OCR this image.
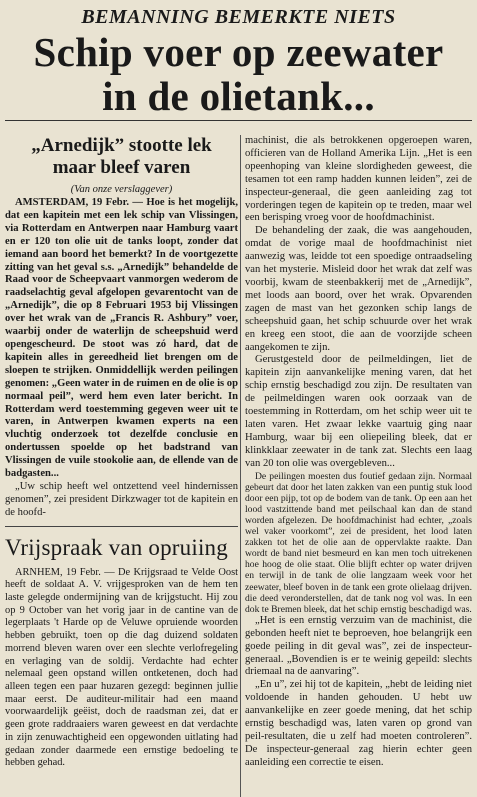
BEMANNING BEMERKTE NIETS
Schip voer op zeewater
in de olietank...
„Arnedijk” stootte lek
maar bleef varen
(Van onze verslaggever)

AMSTERDAM, 19 Febr. — Hoe is het mogelijk, dat een kapitein met een lek schip van Vlissingen, via Rotterdam en Antwerpen naar Hamburg vaart en er 120 ton olie uit de tanks loopt, zonder dat iemand aan boord het bemerkt? In de voortgezette zitting van het geval s.s. „Arnedijk” behandelde de Raad voor de Scheepvaart vanmorgen wederom de raadselachtig geval afgelopen gevarentocht van de „Arnedijk”, die op 8 Februari 1953 bij Vlissingen over het wrak van de „Francis R. Ashbury” voer, waarbij onder de waterlijn de scheepshuid werd opengescheurd. De stoot was zó hard, dat de kapitein alles in gereedheid liet brengen om de sloepen te strijken. Onmiddellijk werden peilingen genomen: „Geen water in de ruimen en de olie is op normaal peil”, werd hem even later bericht. In Rotterdam werd toestemming gegeven weer uit te varen, in Antwerpen kwamen experts na een vluchtig onderzoek tot dezelfde conclusie en ondertussen spoelde op het badstrand van Vlissingen de vuile stookolie aan, de ellende van de badgasten...

„Uw schip heeft wel ontzettend veel hindernissen genomen”, zei president Dirkzwager tot de kapitein en de hoofd-

Vrijspraak van opruiing

ARNHEM, 19 Febr. — De Krijgsraad te Velde Oost heeft de soldaat A. V. vrijgesproken van de hem ten laste gelegde ondermijning van de krijgstucht. Hij zou op 9 October van het vorig jaar in de cantine van de legerplaats 't Harde op de Veluwe opruiende woorden hebben gebruikt, toen op die dag duizend soldaten morrend bleven waren over een slechte verlofregeling en verlaging van de soldij. Verdachte had echter nelemaal geen opstand willen ontketenen, doch had alleen tegen een paar huzaren gezegd: beginnen jullie maar eerst. De auditeur-militair had een maand voorwaardelijk geëist, doch de raadsman zei, dat er geen grote raddraaiers waren geweest en dat verdachte in zijn zenuwachtigheid een opgewonden uitlating had gedaan zonder daarmede een ernstige bedoeling te hebben gehad.

machinist, die als betrokkenen opgeroepen waren, officieren van de Holland Amerika Lijn. „Het is een opeenhoping van kleine slordigheden geweest, die tesamen tot een ramp hadden kunnen leiden”, zei de inspecteur-generaal, die geen aanleiding zag tot vorderingen tegen de kapitein op te treden, maar wel een berisping vroeg voor de hoofdmachinist.

De behandeling der zaak, die was aangehouden, omdat de vorige maal de hoofdmachinist niet aanwezig was, leidde tot een spoedige ontraadseling van het mysterie. Misleid door het wrak dat zelf was voorbij, kwam de steenbakkerij met de „Arnedijk”, met loods aan boord, over het wrak. Opvarenden zagen de mast van het gezonken schip langs de scheepshuid gaan, het schip schuurde over het wrak en kreeg een stoot, die aan de voorzijde scheen aangekomen te zijn.

Gerustgesteld door de peilmeldingen, liet de kapitein zijn aanvankelijke mening varen, dat het schip ernstig beschadigd zou zijn. De resultaten van de peilmeldingen waren ook oorzaak van de toestemming in Rotterdam, om het schip weer uit te laten varen. Het zwaar lekke vaartuig ging naar Hamburg, waar bij een oliepeiling bleek, dat er klinkklaar zeewater in de tank zat. Slechts een laag van 20 ton olie was overgebleven...

De peilingen moesten dus foutief gedaan zijn. Normaal gebeurt dat door het laten zakken van een puntig stuk lood door een pijp, tot op de bodem van de tank. Op een aan het lood vastzittende band met peilschaal kan dan de stand worden afgelezen. De hoofdmachinist had echter, „zoals wel vaker voorkomt”, zei de president, het lood laten zakken tot het de olie aan de oppervlakte raakte. Dan wordt de band niet besmeurd en kan men toch uitrekenen hoe hoog de olie staat. Olie blijft echter op water drijven en terwijl in de tank de olie langzaam week voor het zeewater, bleef boven in de tank een grote olielaag drijven. die deed veronderstellen, dat de tank nog vol was. In een dok te Bremen bleek, dat het schip ernstig beschadigd was.

„Het is een ernstig verzuim van de machinist, die gebonden heeft niet te beproeven, hoe belangrijk een goede peiling in dit geval was”, zei de inspecteur-generaal. „Bovendien is er te weinig gepeild: slechts driemaal na de aanvaring”.

„En u”, zei hij tot de kapitein, „hebt de leiding niet voldoende in handen gehouden. U hebt uw aanvankelijke en zeer goede mening, dat het schip ernstig beschadigd was, laten varen op grond van peil-resultaten, die u zelf had moeten controleren”. De inspecteur-generaal zag hierin echter geen aanleiding een correctie te eisen.
